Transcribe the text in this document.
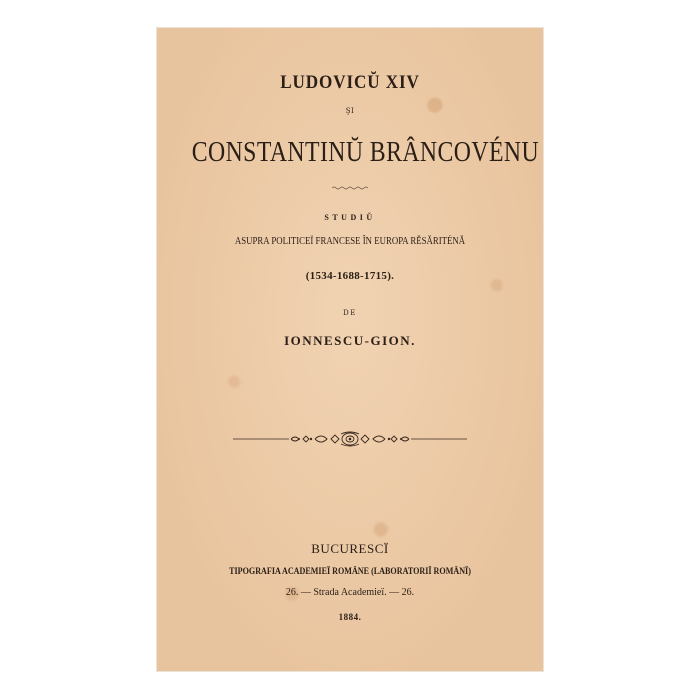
LUDOVICŬ XIV
ŞI
CONSTANTINŬ BRÂNCOVÉNU
STUDIŬ
ASUPRA POLITICEÏ FRANCESE ÎN EUROPA RĔSĂRITÉNĂ
(1534-1688-1715).
DE
IONNESCU-GION.
BUCURESCÏ
TIPOGRAFIA ACADEMIEÏ ROMÂNE (LABORATORIÏ ROMÂNÏ)
26. — Strada Academieï. — 26.
1884.
